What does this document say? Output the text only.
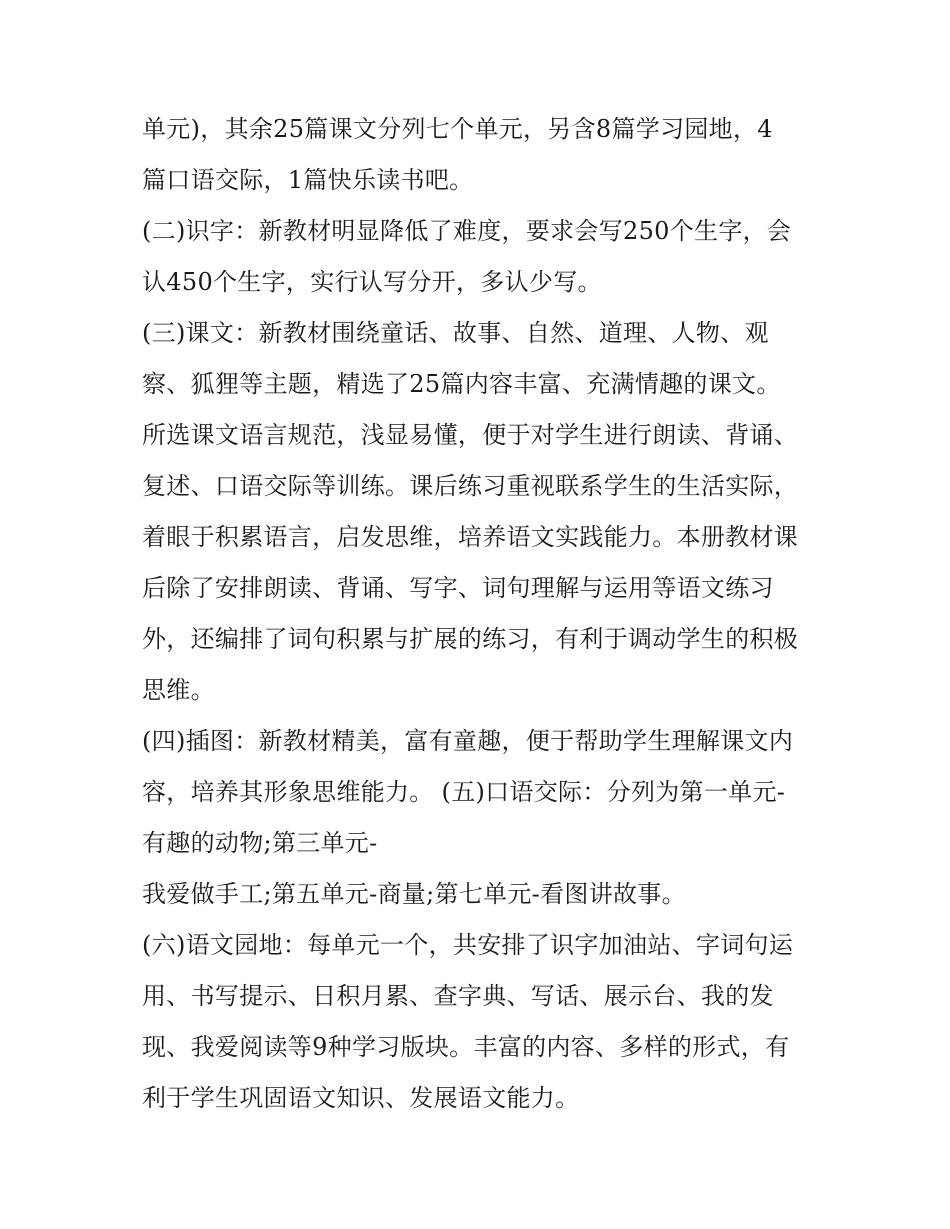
单元)，其余25篇课文分列七个单元，另含8篇学习园地，4
篇口语交际，1篇快乐读书吧。
(二)识字：新教材明显降低了难度，要求会写250个生字，会
认450个生字，实行认写分开，多认少写。
(三)课文：新教材围绕童话、故事、自然、道理、人物、观
察、狐狸等主题，精选了25篇内容丰富、充满情趣的课文。
所选课文语言规范，浅显易懂，便于对学生进行朗读、背诵、
复述、口语交际等训练。课后练习重视联系学生的生活实际，
着眼于积累语言，启发思维，培养语文实践能力。本册教材课
后除了安排朗读、背诵、写字、词句理解与运用等语文练习
外，还编排了词句积累与扩展的练习，有利于调动学生的积极
思维。
(四)插图：新教材精美，富有童趣，便于帮助学生理解课文内
容，培养其形象思维能力。 (五)口语交际：分列为第一单元-
有趣的动物;第三单元-
我爱做手工;第五单元-商量;第七单元-看图讲故事。
(六)语文园地：每单元一个，共安排了识字加油站、字词句运
用、书写提示、日积月累、查字典、写话、展示台、我的发
现、我爱阅读等9种学习版块。丰富的内容、多样的形式，有
利于学生巩固语文知识、发展语文能力。
